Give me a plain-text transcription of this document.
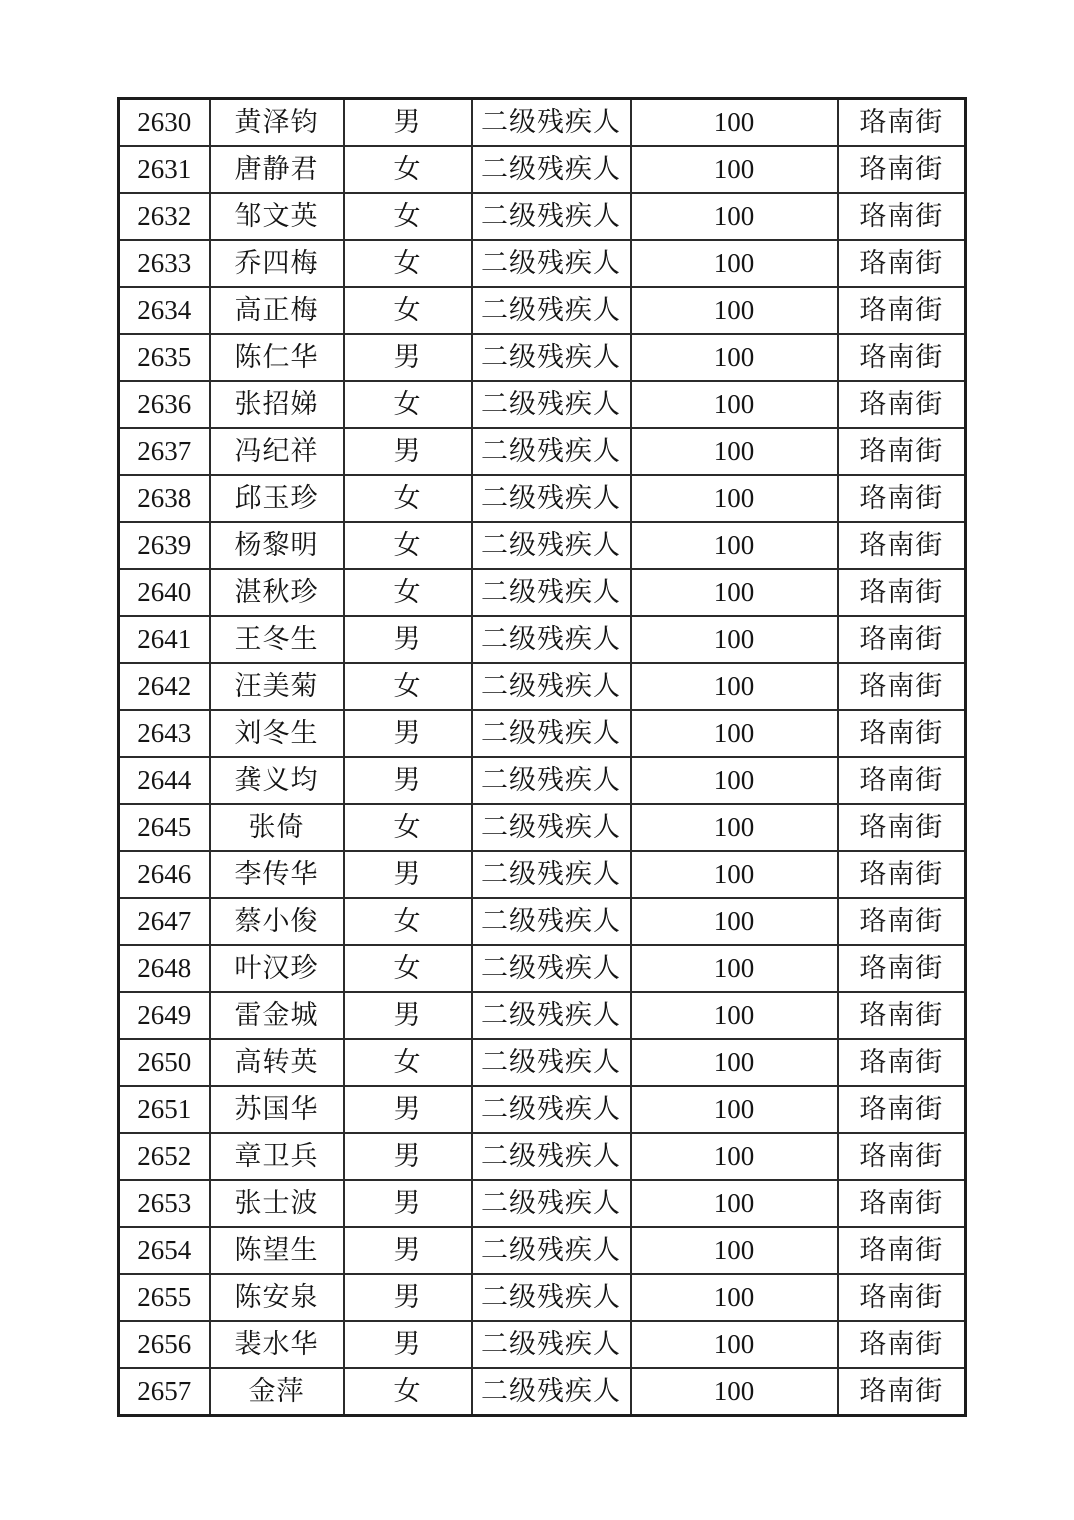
2630	黄泽钧	男	二级残疾人	100	珞南街
2631	唐静君	女	二级残疾人	100	珞南街
2632	邹文英	女	二级残疾人	100	珞南街
2633	乔四梅	女	二级残疾人	100	珞南街
2634	高正梅	女	二级残疾人	100	珞南街
2635	陈仁华	男	二级残疾人	100	珞南街
2636	张招娣	女	二级残疾人	100	珞南街
2637	冯纪祥	男	二级残疾人	100	珞南街
2638	邱玉珍	女	二级残疾人	100	珞南街
2639	杨黎明	女	二级残疾人	100	珞南街
2640	湛秋珍	女	二级残疾人	100	珞南街
2641	王冬生	男	二级残疾人	100	珞南街
2642	汪美菊	女	二级残疾人	100	珞南街
2643	刘冬生	男	二级残疾人	100	珞南街
2644	龚义均	男	二级残疾人	100	珞南街
2645	张倚	女	二级残疾人	100	珞南街
2646	李传华	男	二级残疾人	100	珞南街
2647	蔡小俊	女	二级残疾人	100	珞南街
2648	叶汉珍	女	二级残疾人	100	珞南街
2649	雷金城	男	二级残疾人	100	珞南街
2650	高转英	女	二级残疾人	100	珞南街
2651	苏国华	男	二级残疾人	100	珞南街
2652	章卫兵	男	二级残疾人	100	珞南街
2653	张士波	男	二级残疾人	100	珞南街
2654	陈望生	男	二级残疾人	100	珞南街
2655	陈安泉	男	二级残疾人	100	珞南街
2656	裴水华	男	二级残疾人	100	珞南街
2657	金萍	女	二级残疾人	100	珞南街
